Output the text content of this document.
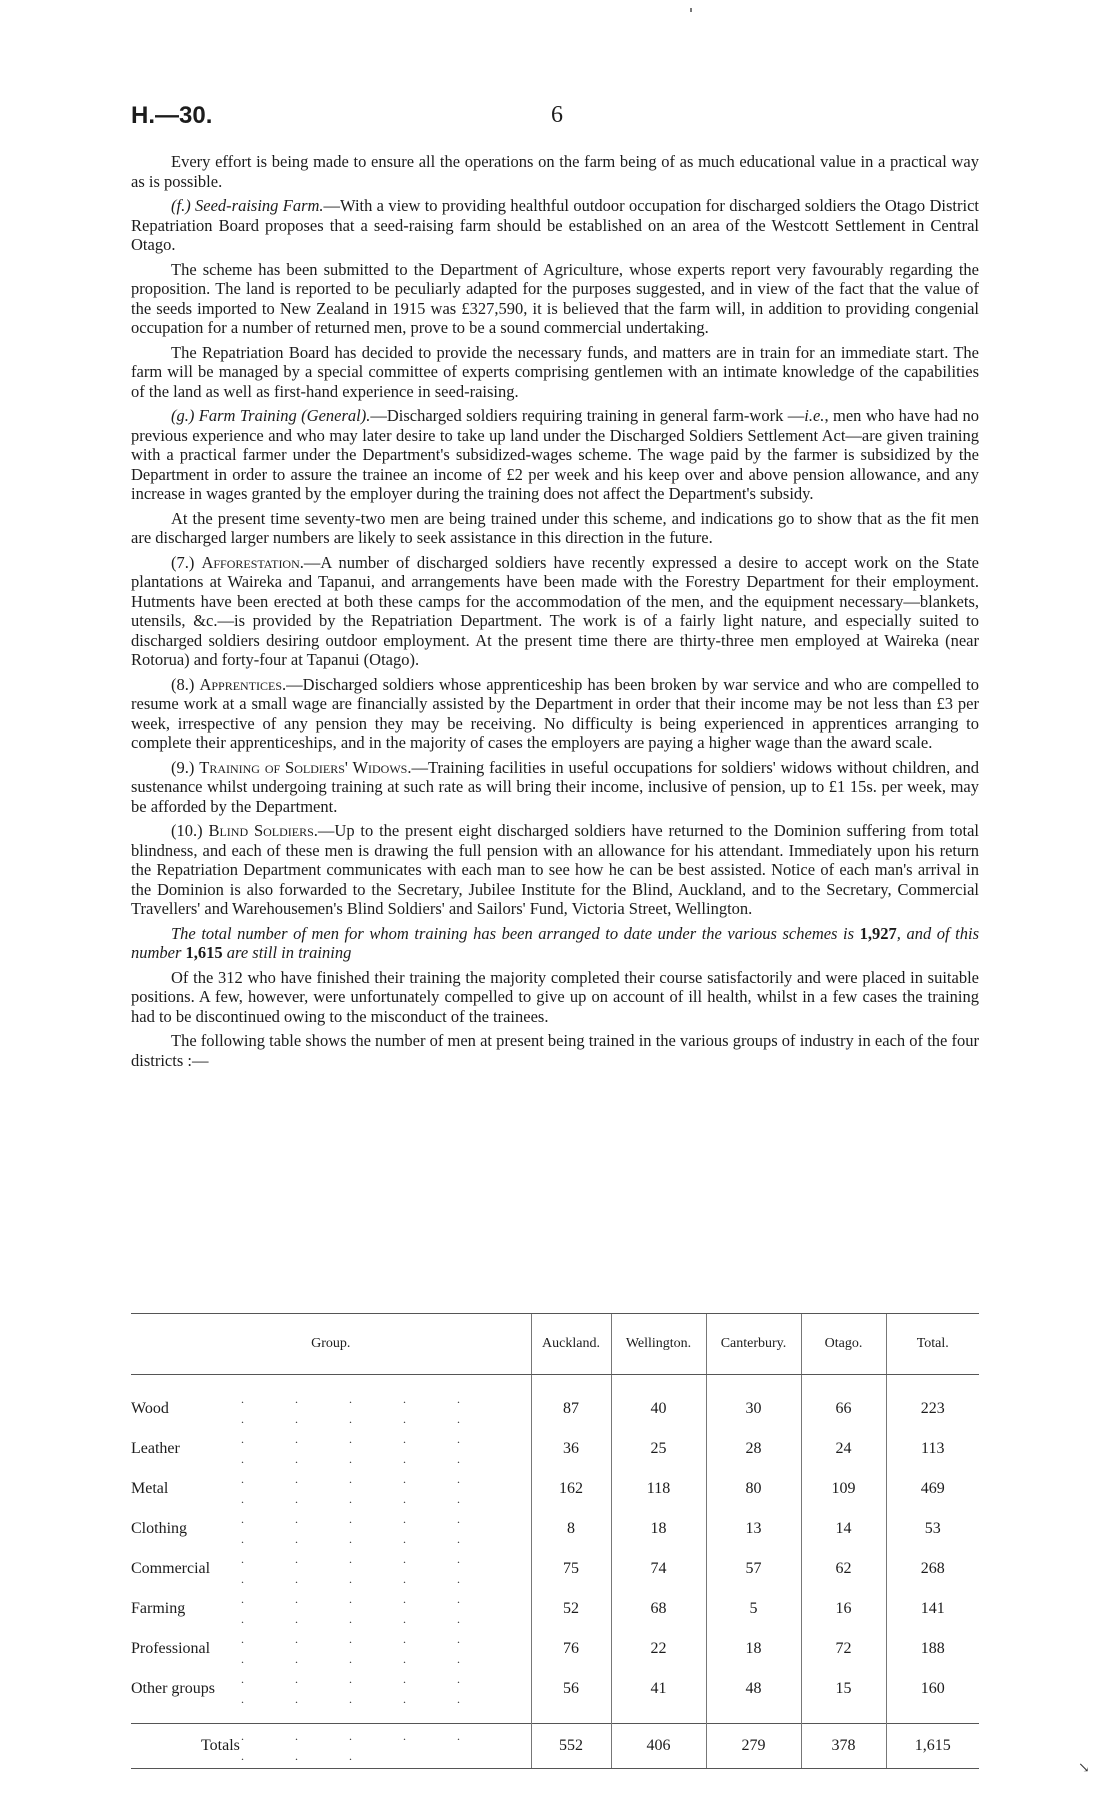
H.—30.	6

Every effort is being made to ensure all the operations on the farm being of as much educational value in a practical way as is possible.

(f.) Seed-raising Farm.—With a view to providing healthful outdoor occupation for discharged soldiers the Otago District Repatriation Board proposes that a seed-raising farm should be established on an area of the Westcott Settlement in Central Otago.

The scheme has been submitted to the Department of Agriculture, whose experts report very favourably regarding the proposition. The land is reported to be peculiarly adapted for the purposes suggested, and in view of the fact that the value of the seeds imported to New Zealand in 1915 was £327,590, it is believed that the farm will, in addition to providing congenial occupation for a number of returned men, prove to be a sound commercial undertaking.

The Repatriation Board has decided to provide the necessary funds, and matters are in train for an immediate start. The farm will be managed by a special committee of experts comprising gentlemen with an intimate knowledge of the capabilities of the land as well as first-hand experience in seed-raising.

(g.) Farm Training (General).—Discharged soldiers requiring training in general farm-work —i.e., men who have had no previous experience and who may later desire to take up land under the Discharged Soldiers Settlement Act—are given training with a practical farmer under the Department's subsidized-wages scheme. The wage paid by the farmer is subsidized by the Department in order to assure the trainee an income of £2 per week and his keep over and above pension allowance, and any increase in wages granted by the employer during the training does not affect the Department's subsidy.

At the present time seventy-two men are being trained under this scheme, and indications go to show that as the fit men are discharged larger numbers are likely to seek assistance in this direction in the future.

(7.) Afforestation.—A number of discharged soldiers have recently expressed a desire to accept work on the State plantations at Waireka and Tapanui, and arrangements have been made with the Forestry Department for their employment. Hutments have been erected at both these camps for the accommodation of the men, and the equipment necessary—blankets, utensils, &c.—is provided by the Repatriation Department. The work is of a fairly light nature, and especially suited to discharged soldiers desiring outdoor employment. At the present time there are thirty-three men employed at Waireka (near Rotorua) and forty-four at Tapanui (Otago).

(8.) Apprentices.—Discharged soldiers whose apprenticeship has been broken by war service and who are compelled to resume work at a small wage are financially assisted by the Department in order that their income may be not less than £3 per week, irrespective of any pension they may be receiving. No difficulty is being experienced in apprentices arranging to complete their apprenticeships, and in the majority of cases the employers are paying a higher wage than the award scale.

(9.) Training of Soldiers' Widows.—Training facilities in useful occupations for soldiers' widows without children, and sustenance whilst undergoing training at such rate as will bring their income, inclusive of pension, up to £1 15s. per week, may be afforded by the Department.

(10.) Blind Soldiers.—Up to the present eight discharged soldiers have returned to the Dominion suffering from total blindness, and each of these men is drawing the full pension with an allowance for his attendant. Immediately upon his return the Repatriation Department communicates with each man to see how he can be best assisted. Notice of each man's arrival in the Dominion is also forwarded to the Secretary, Jubilee Institute for the Blind, Auckland, and to the Secretary, Commercial Travellers' and Warehousemen's Blind Soldiers' and Sailors' Fund, Victoria Street, Wellington.

The total number of men for whom training has been arranged to date under the various schemes is 1,927, and of this number 1,615 are still in training

Of the 312 who have finished their training the majority completed their course satisfactorily and were placed in suitable positions. A few, however, were unfortunately compelled to give up on account of ill health, whilst in a few cases the training had to be discontinued owing to the misconduct of the trainees.

The following table shows the number of men at present being trained in the various groups of industry in each of the four districts :—

Group.		Auckland.	Wellington.	Canterbury.	Otago.	Total.

Wood	. . . . . . . . . .	87	40	30	66	223
Leather	. . . . . . . . . .	36	25	28	24	113
Metal	. . . . . . . . . .	162	118	80	109	469
Clothing	. . . . . . . . . .	8	18	13	14	53
Commercial	. . . . . . . . . .	75	74	57	62	268
Farming	. . . . . . . . . .	52	68	5	16	141
Professional	. . . . . . . . . .	76	22	18	72	188
Other groups	. . . . . . . . . .	56	41	48	15	160

Totals	. . . . . . . .	552	406	279	378	1,615
↘
